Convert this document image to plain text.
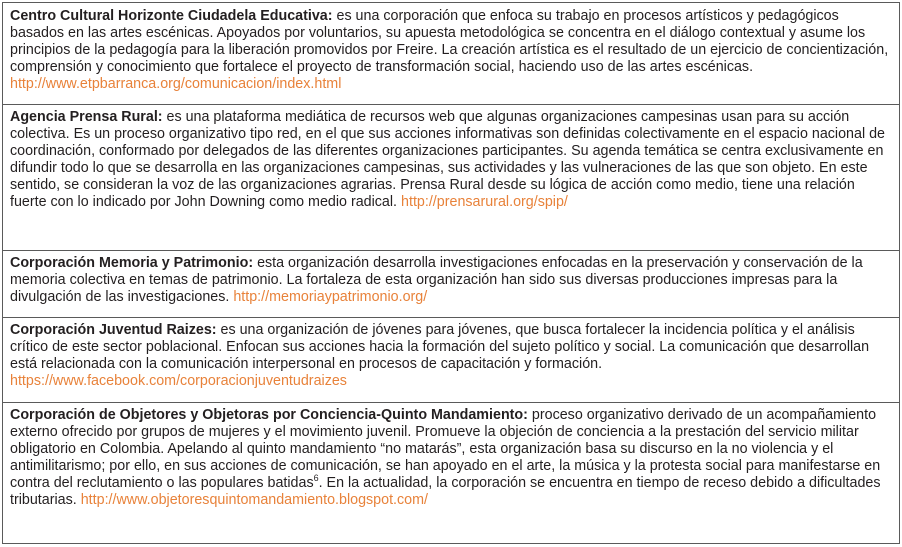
Centro Cultural Horizonte Ciudadela Educativa: es una corporación que enfoca su trabajo en procesos artísticos y pedagógicos basados en las artes escénicas. Apoyados por voluntarios, su apuesta metodológica se concentra en el diálogo contextual y asume los principios de la pedagogía para la liberación promovidos por Freire. La creación artística es el resultado de un ejercicio de concientización, comprensión y conocimiento que fortalece el proyecto de transformación social, haciendo uso de las artes escénicas. http://www.etpbarranca.org/comunicacion/index.html
Agencia Prensa Rural: es una plataforma mediática de recursos web que algunas organizaciones campesinas usan para su acción colectiva. Es un proceso organizativo tipo red, en el que sus acciones informativas son definidas colectivamente en el espacio nacional de coordinación, conformado por delegados de las diferentes organizaciones participantes. Su agenda temática se centra exclusivamente en difundir todo lo que se desarrolla en las organizaciones campesinas, sus actividades y las vulneraciones de las que son objeto. En este sentido, se consideran la voz de las organizaciones agrarias. Prensa Rural desde su lógica de acción como medio, tiene una relación fuerte con lo indicado por John Downing como medio radical. http://prensarural.org/spip/
Corporación Memoria y Patrimonio: esta organización desarrolla investigaciones enfocadas en la preservación y conservación de la memoria colectiva en temas de patrimonio. La fortaleza de esta organización han sido sus diversas producciones impresas para la divulgación de las investigaciones. http://memoriaypatrimonio.org/
Corporación Juventud Raizes: es una organización de jóvenes para jóvenes, que busca fortalecer la incidencia política y el análisis crítico de este sector poblacional. Enfocan sus acciones hacia la formación del sujeto político y social. La comunicación que desarrollan está relacionada con la comunicación interpersonal en procesos de capacitación y formación. https://www.facebook.com/corporacionjuventudraizes
Corporación de Objetores y Objetoras por Conciencia-Quinto Mandamiento: proceso organizativo derivado de un acompañamiento externo ofrecido por grupos de mujeres y el movimiento juvenil. Promueve la objeción de conciencia a la prestación del servicio militar obligatorio en Colombia. Apelando al quinto mandamiento “no matarás”, esta organización basa su discurso en la no violencia y el antimilitarismo; por ello, en sus acciones de comunicación, se han apoyado en el arte, la música y la protesta social para manifestarse en contra del reclutamiento o las populares batidas$^6$. En la actualidad, la corporación se encuentra en tiempo de receso debido a dificultades tributarias. http://www.objetoresquintomandamiento.blogspot.com/
